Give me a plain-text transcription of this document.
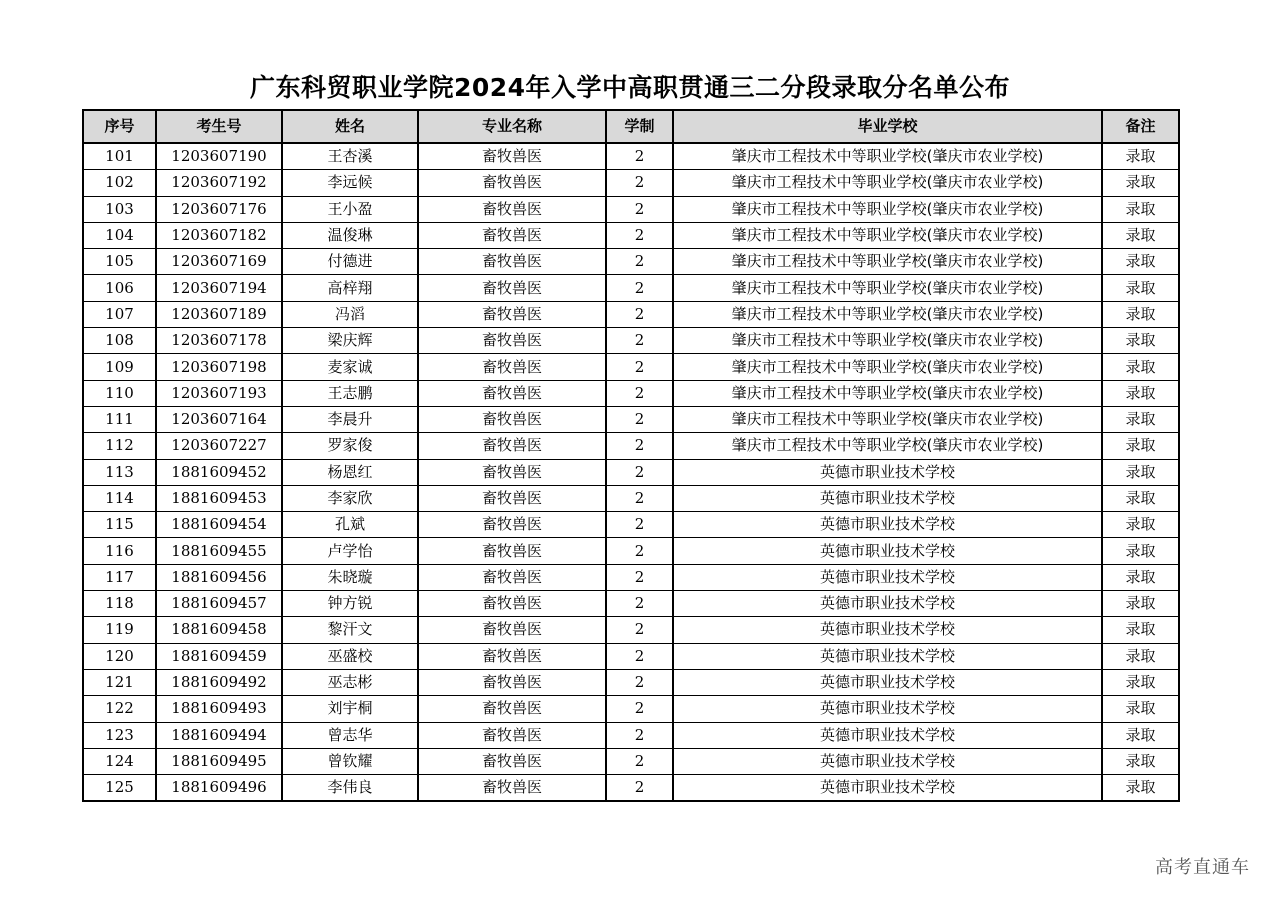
广东科贸职业学院2024年入学中高职贯通三二分段录取分名单公布
序号	考生号	姓名	专业名称	学制	毕业学校	备注
101	1203607190	王杏溪	畜牧兽医	2	肇庆市工程技术中等职业学校(肇庆市农业学校)	录取
102	1203607192	李远候	畜牧兽医	2	肇庆市工程技术中等职业学校(肇庆市农业学校)	录取
103	1203607176	王小盈	畜牧兽医	2	肇庆市工程技术中等职业学校(肇庆市农业学校)	录取
104	1203607182	温俊琳	畜牧兽医	2	肇庆市工程技术中等职业学校(肇庆市农业学校)	录取
105	1203607169	付德进	畜牧兽医	2	肇庆市工程技术中等职业学校(肇庆市农业学校)	录取
106	1203607194	高梓翔	畜牧兽医	2	肇庆市工程技术中等职业学校(肇庆市农业学校)	录取
107	1203607189	冯滔	畜牧兽医	2	肇庆市工程技术中等职业学校(肇庆市农业学校)	录取
108	1203607178	梁庆辉	畜牧兽医	2	肇庆市工程技术中等职业学校(肇庆市农业学校)	录取
109	1203607198	麦家诚	畜牧兽医	2	肇庆市工程技术中等职业学校(肇庆市农业学校)	录取
110	1203607193	王志鹏	畜牧兽医	2	肇庆市工程技术中等职业学校(肇庆市农业学校)	录取
111	1203607164	李晨升	畜牧兽医	2	肇庆市工程技术中等职业学校(肇庆市农业学校)	录取
112	1203607227	罗家俊	畜牧兽医	2	肇庆市工程技术中等职业学校(肇庆市农业学校)	录取
113	1881609452	杨恩红	畜牧兽医	2	英德市职业技术学校	录取
114	1881609453	李家欣	畜牧兽医	2	英德市职业技术学校	录取
115	1881609454	孔斌	畜牧兽医	2	英德市职业技术学校	录取
116	1881609455	卢学怡	畜牧兽医	2	英德市职业技术学校	录取
117	1881609456	朱晓璇	畜牧兽医	2	英德市职业技术学校	录取
118	1881609457	钟方锐	畜牧兽医	2	英德市职业技术学校	录取
119	1881609458	黎汗文	畜牧兽医	2	英德市职业技术学校	录取
120	1881609459	巫盛校	畜牧兽医	2	英德市职业技术学校	录取
121	1881609492	巫志彬	畜牧兽医	2	英德市职业技术学校	录取
122	1881609493	刘宇桐	畜牧兽医	2	英德市职业技术学校	录取
123	1881609494	曾志华	畜牧兽医	2	英德市职业技术学校	录取
124	1881609495	曾钦耀	畜牧兽医	2	英德市职业技术学校	录取
125	1881609496	李伟良	畜牧兽医	2	英德市职业技术学校	录取
高考直通车
